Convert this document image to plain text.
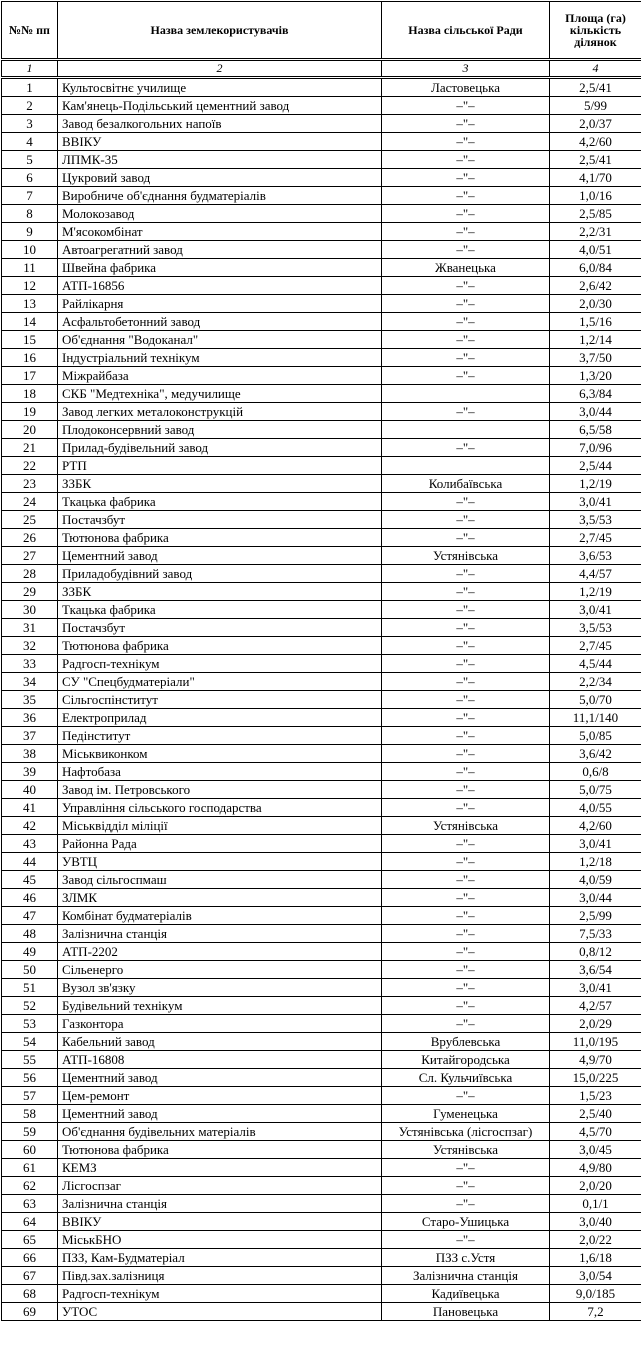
№№ пп	Назва землекористувачів	Назва сільської Ради	Площа (га) кількість ділянок
1	2	3	4
1	Культосвітнє училище	Ластовецька	2,5/41
2	Кам'янець-Подільський цементний завод	–"–	5/99
3	Завод безалкогольних напоїв	–"–	2,0/37
4	ВВІКУ	–"–	4,2/60
5	ЛПМК-35	–"–	2,5/41
6	Цукровий завод	–"–	4,1/70
7	Виробниче об'єднання будматеріалів	–"–	1,0/16
8	Молокозавод	–"–	2,5/85
9	М'ясокомбінат	–"–	2,2/31
10	Автоагрегатний завод	–"–	4,0/51
11	Швейна фабрика	Жванецька	6,0/84
12	АТП-16856	–"–	2,6/42
13	Райлікарня	–"–	2,0/30
14	Асфальтобетонний завод	–"–	1,5/16
15	Об'єднання "Водоканал"	–"–	1,2/14
16	Індустріальний технікум	–"–	3,7/50
17	Міжрайбаза	–"–	1,3/20
18	СКБ "Медтехніка", медучилище		6,3/84
19	Завод легких металоконструкцій	–"–	3,0/44
20	Плодоконсервний завод		6,5/58
21	Прилад-будівельний завод	–"–	7,0/96
22	РТП		2,5/44
23	ЗЗБК	Колибаївська	1,2/19
24	Ткацька фабрика	–"–	3,0/41
25	Постачзбут	–"–	3,5/53
26	Тютюнова фабрика	–"–	2,7/45
27	Цементний завод	Устянівська	3,6/53
28	Приладобудівний завод	–"–	4,4/57
29	ЗЗБК	–"–	1,2/19
30	Ткацька фабрика	–"–	3,0/41
31	Постачзбут	–"–	3,5/53
32	Тютюнова фабрика	–"–	2,7/45
33	Радгосп-технікум	–"–	4,5/44
34	СУ "Спецбудматеріали"	–"–	2,2/34
35	Сільгоспінститут	–"–	5,0/70
36	Електроприлад	–"–	11,1/140
37	Педінститут	–"–	5,0/85
38	Міськвиконком	–"–	3,6/42
39	Нафтобаза	–"–	0,6/8
40	Завод ім. Петровського	–"–	5,0/75
41	Управління сільського господарства	–"–	4,0/55
42	Міськвідділ міліції	Устянівська	4,2/60
43	Районна Рада	–"–	3,0/41
44	УВТЦ	–"–	1,2/18
45	Завод сільгоспмаш	–"–	4,0/59
46	ЗЛМК	–"–	3,0/44
47	Комбінат будматеріалів	–"–	2,5/99
48	Залізнична станція	–"–	7,5/33
49	АТП-2202	–"–	0,8/12
50	Сільенерго	–"–	3,6/54
51	Вузол зв'язку	–"–	3,0/41
52	Будівельний технікум	–"–	4,2/57
53	Газконтора	–"–	2,0/29
54	Кабельний завод	Врублевська	11,0/195
55	АТП-16808	Китайгородська	4,9/70
56	Цементний завод	Сл. Кульчиївська	15,0/225
57	Цем-ремонт	–"–	1,5/23
58	Цементний завод	Гуменецька	2,5/40
59	Об'єднання будівельних матеріалів	Устянівська (лісгоспзаг)	4,5/70
60	Тютюнова фабрика	Устянівська	3,0/45
61	КЕМЗ	–"–	4,9/80
62	Лісгоспзаг	–"–	2,0/20
63	Залізнична станція	–"–	0,1/1
64	ВВІКУ	Старо-Ушицька	3,0/40
65	МіськБНО	–"–	2,0/22
66	ПЗЗ, Кам-Будматеріал	ПЗЗ с.Устя	1,6/18
67	Півд.зах.залізниця	Залізнична станція	3,0/54
68	Радгосп-технікум	Кадиївецька	9,0/185
69	УТОС	Пановецька	7,2
